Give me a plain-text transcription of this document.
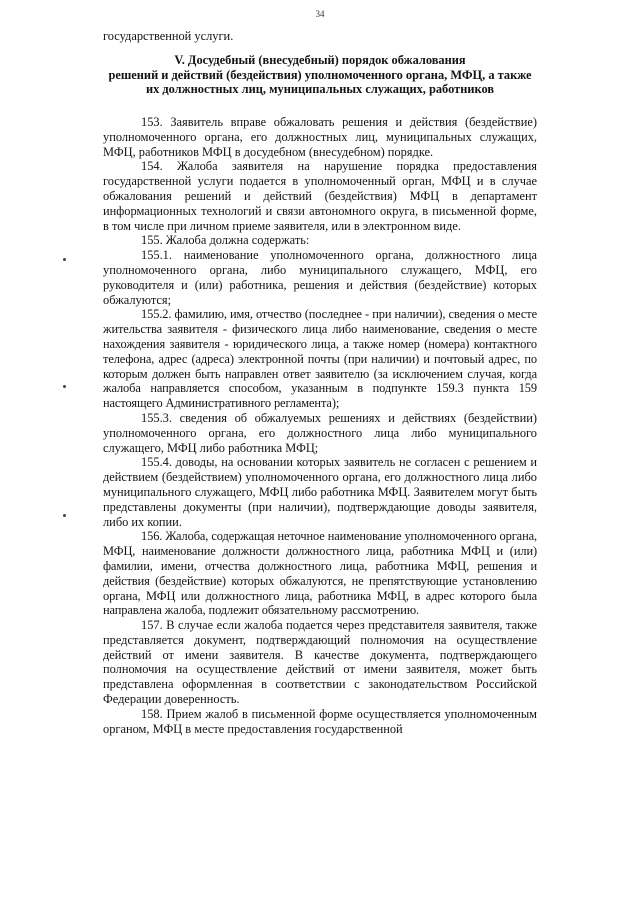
34
государственной услуги.
V. Досудебный (внесудебный) порядок обжалования
решений и действий (бездействия) уполномоченного органа, МФЦ, а также
их должностных лиц, муниципальных служащих, работников

153. Заявитель вправе обжаловать решения и действия (бездействие) уполномоченного органа, его должностных лиц, муниципальных служащих, МФЦ, работников МФЦ в досудебном (внесудебном) порядке.

154. Жалоба заявителя на нарушение порядка предоставления государственной услуги подается в уполномоченный орган, МФЦ и в случае обжалования решений и действий (бездействия) МФЦ в департамент информационных технологий и связи автономного округа, в письменной форме, в том числе при личном приеме заявителя, или в электронном виде.

155. Жалоба должна содержать:

155.1. наименование уполномоченного органа, должностного лица уполномоченного органа, либо муниципального служащего, МФЦ, его руководителя и (или) работника, решения и действия (бездействие) которых обжалуются;

155.2. фамилию, имя, отчество (последнее - при наличии), сведения о месте жительства заявителя - физического лица либо наименование, сведения о месте нахождения заявителя - юридического лица, а также номер (номера) контактного телефона, адрес (адреса) электронной почты (при наличии) и почтовый адрес, по которым должен быть направлен ответ заявителю (за исключением случая, когда жалоба направляется способом, указанным в подпункте 159.3 пункта 159 настоящего Административного регламента);

155.3. сведения об обжалуемых решениях и действиях (бездействии) уполномоченного органа, его должностного лица либо муниципального служащего, МФЦ либо работника МФЦ;

155.4. доводы, на основании которых заявитель не согласен с решением и действием (бездействием) уполномоченного органа, его должностного лица либо муниципального служащего, МФЦ либо работника МФЦ. Заявителем могут быть представлены документы (при наличии), подтверждающие доводы заявителя, либо их копии.

156. Жалоба, содержащая неточное наименование уполномоченного органа, МФЦ, наименование должности должностного лица, работника МФЦ и (или) фамилии, имени, отчества должностного лица, работника МФЦ, решения и действия (бездействие) которых обжалуются, не препятствующие установлению органа, МФЦ или должностного лица, работника МФЦ, в адрес которого была направлена жалоба, подлежит обязательному рассмотрению.

157. В случае если жалоба подается через представителя заявителя, также представляется документ, подтверждающий полномочия на осуществление действий от имени заявителя. В качестве документа, подтверждающего полномочия на осуществление действий от имени заявителя, может быть представлена оформленная в соответствии с законодательством Российской Федерации доверенность.

158. Прием жалоб в письменной форме осуществляется уполномоченным органом, МФЦ в месте предоставления государственной
